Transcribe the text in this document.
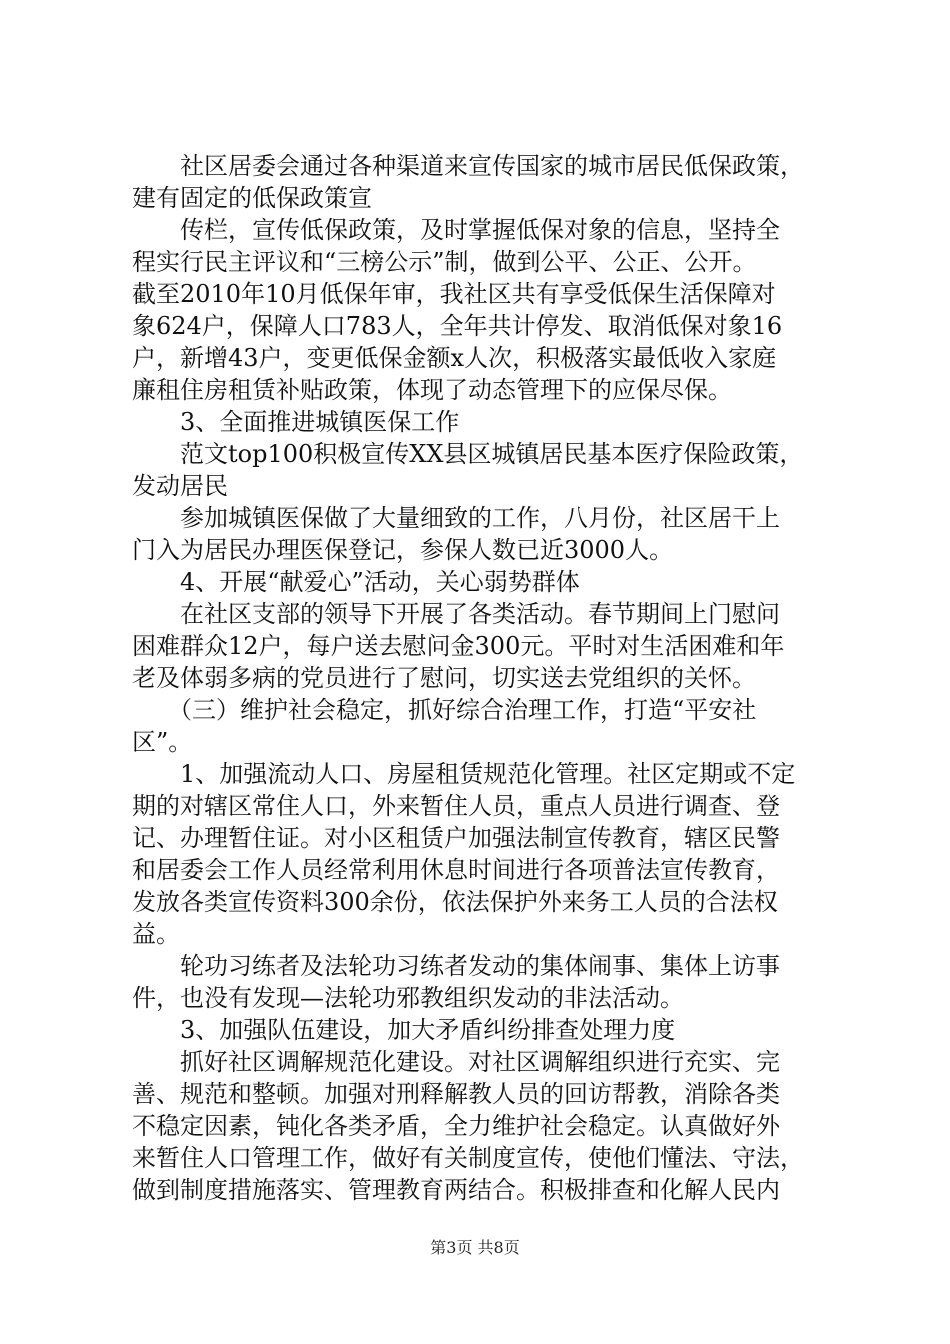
　　社区居委会通过各种渠道来宣传国家的城市居民低保政策，
建有固定的低保政策宣
　　传栏，宣传低保政策，及时掌握低保对象的信息，坚持全
程实行民主评议和“三榜公示”制，做到公平、公正、公开。
截至2010年10月低保年审，我社区共有享受低保生活保障对
象624户，保障人口783人，全年共计停发、取消低保对象16
户，新增43户，变更低保金额x人次，积极落实最低收入家庭
廉租住房租赁补贴政策，体现了动态管理下的应保尽保。
　　3、全面推进城镇医保工作
　　范文top100积极宣传XX县区城镇居民基本医疗保险政策，
发动居民
　　参加城镇医保做了大量细致的工作，八月份，社区居干上
门入为居民办理医保登记，参保人数已近3000人。
　　4、开展“献爱心”活动，关心弱势群体
　　在社区支部的领导下开展了各类活动。春节期间上门慰问
困难群众12户，每户送去慰问金300元。平时对生活困难和年
老及体弱多病的党员进行了慰问，切实送去党组织的关怀。
　　（三）维护社会稳定，抓好综合治理工作，打造“平安社
区”。
　　1、加强流动人口、房屋租赁规范化管理。社区定期或不定
期的对辖区常住人口，外来暂住人员，重点人员进行调查、登
记、办理暂住证。对小区租赁户加强法制宣传教育，辖区民警
和居委会工作人员经常利用休息时间进行各项普法宣传教育，
发放各类宣传资料300余份，依法保护外来务工人员的合法权
益。
　　轮功习练者及法轮功习练者发动的集体闹事、集体上访事
件，也没有发现—法轮功邪教组织发动的非法活动。
　　3、加强队伍建设，加大矛盾纠纷排查处理力度
　　抓好社区调解规范化建设。对社区调解组织进行充实、完
善、规范和整顿。加强对刑释解教人员的回访帮教，消除各类
不稳定因素，钝化各类矛盾，全力维护社会稳定。认真做好外
来暂住人口管理工作，做好有关制度宣传，使他们懂法、守法，
做到制度措施落实、管理教育两结合。积极排查和化解人民内
第3页 共8页
